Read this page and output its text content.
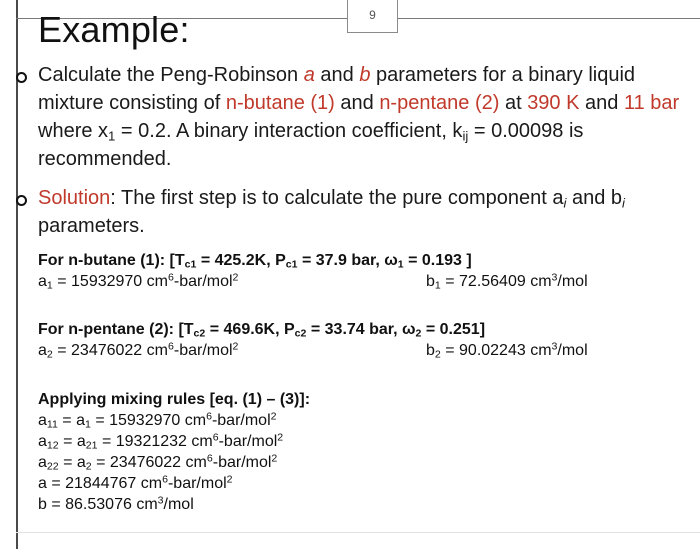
9
Example:

Calculate the Peng-Robinson a and b parameters for a binary liquid mixture consisting of n-butane (1) and n-pentane (2) at 390 K and 11 bar where $x_1 = 0.2$. A binary interaction coefficient, $k_{ij} = 0.00098$ is recommended.

Solution: The first step is to calculate the pure component $a_i$ and $b_i$ parameters.

For n-butane (1): [$T_{c1} = 425.2K$, $P_{c1} = 37.9$ bar, $\omega_1 = 0.193$ ]
$a_1 = 15932970$ $cm^6-bar/mol^2$	$b_1 = 72.56409$ $cm^3$/mol
For n-pentane (2): [$T_{c2} = 469.6K$, $P_{c2} = 33.74$ bar, $\omega_2 = 0.251$]
$a_2 = 23476022$ $cm^6-bar/mol^2$	$b_2 = 90.02243$ $cm^3$/mol
Applying mixing rules [eq. (1) – (3)]:
$a_{11} = a_1 = 15932970$ $cm^6-bar/mol^2$
$a_{12} = a_{21} = 19321232$ $cm^6-bar/mol^2$
$a_{22} = a_2 = 23476022$ $cm^6-bar/mol^2$
a = 21844767 $cm^6-bar/mol^2$
b = 86.53076 $cm^3$/mol
